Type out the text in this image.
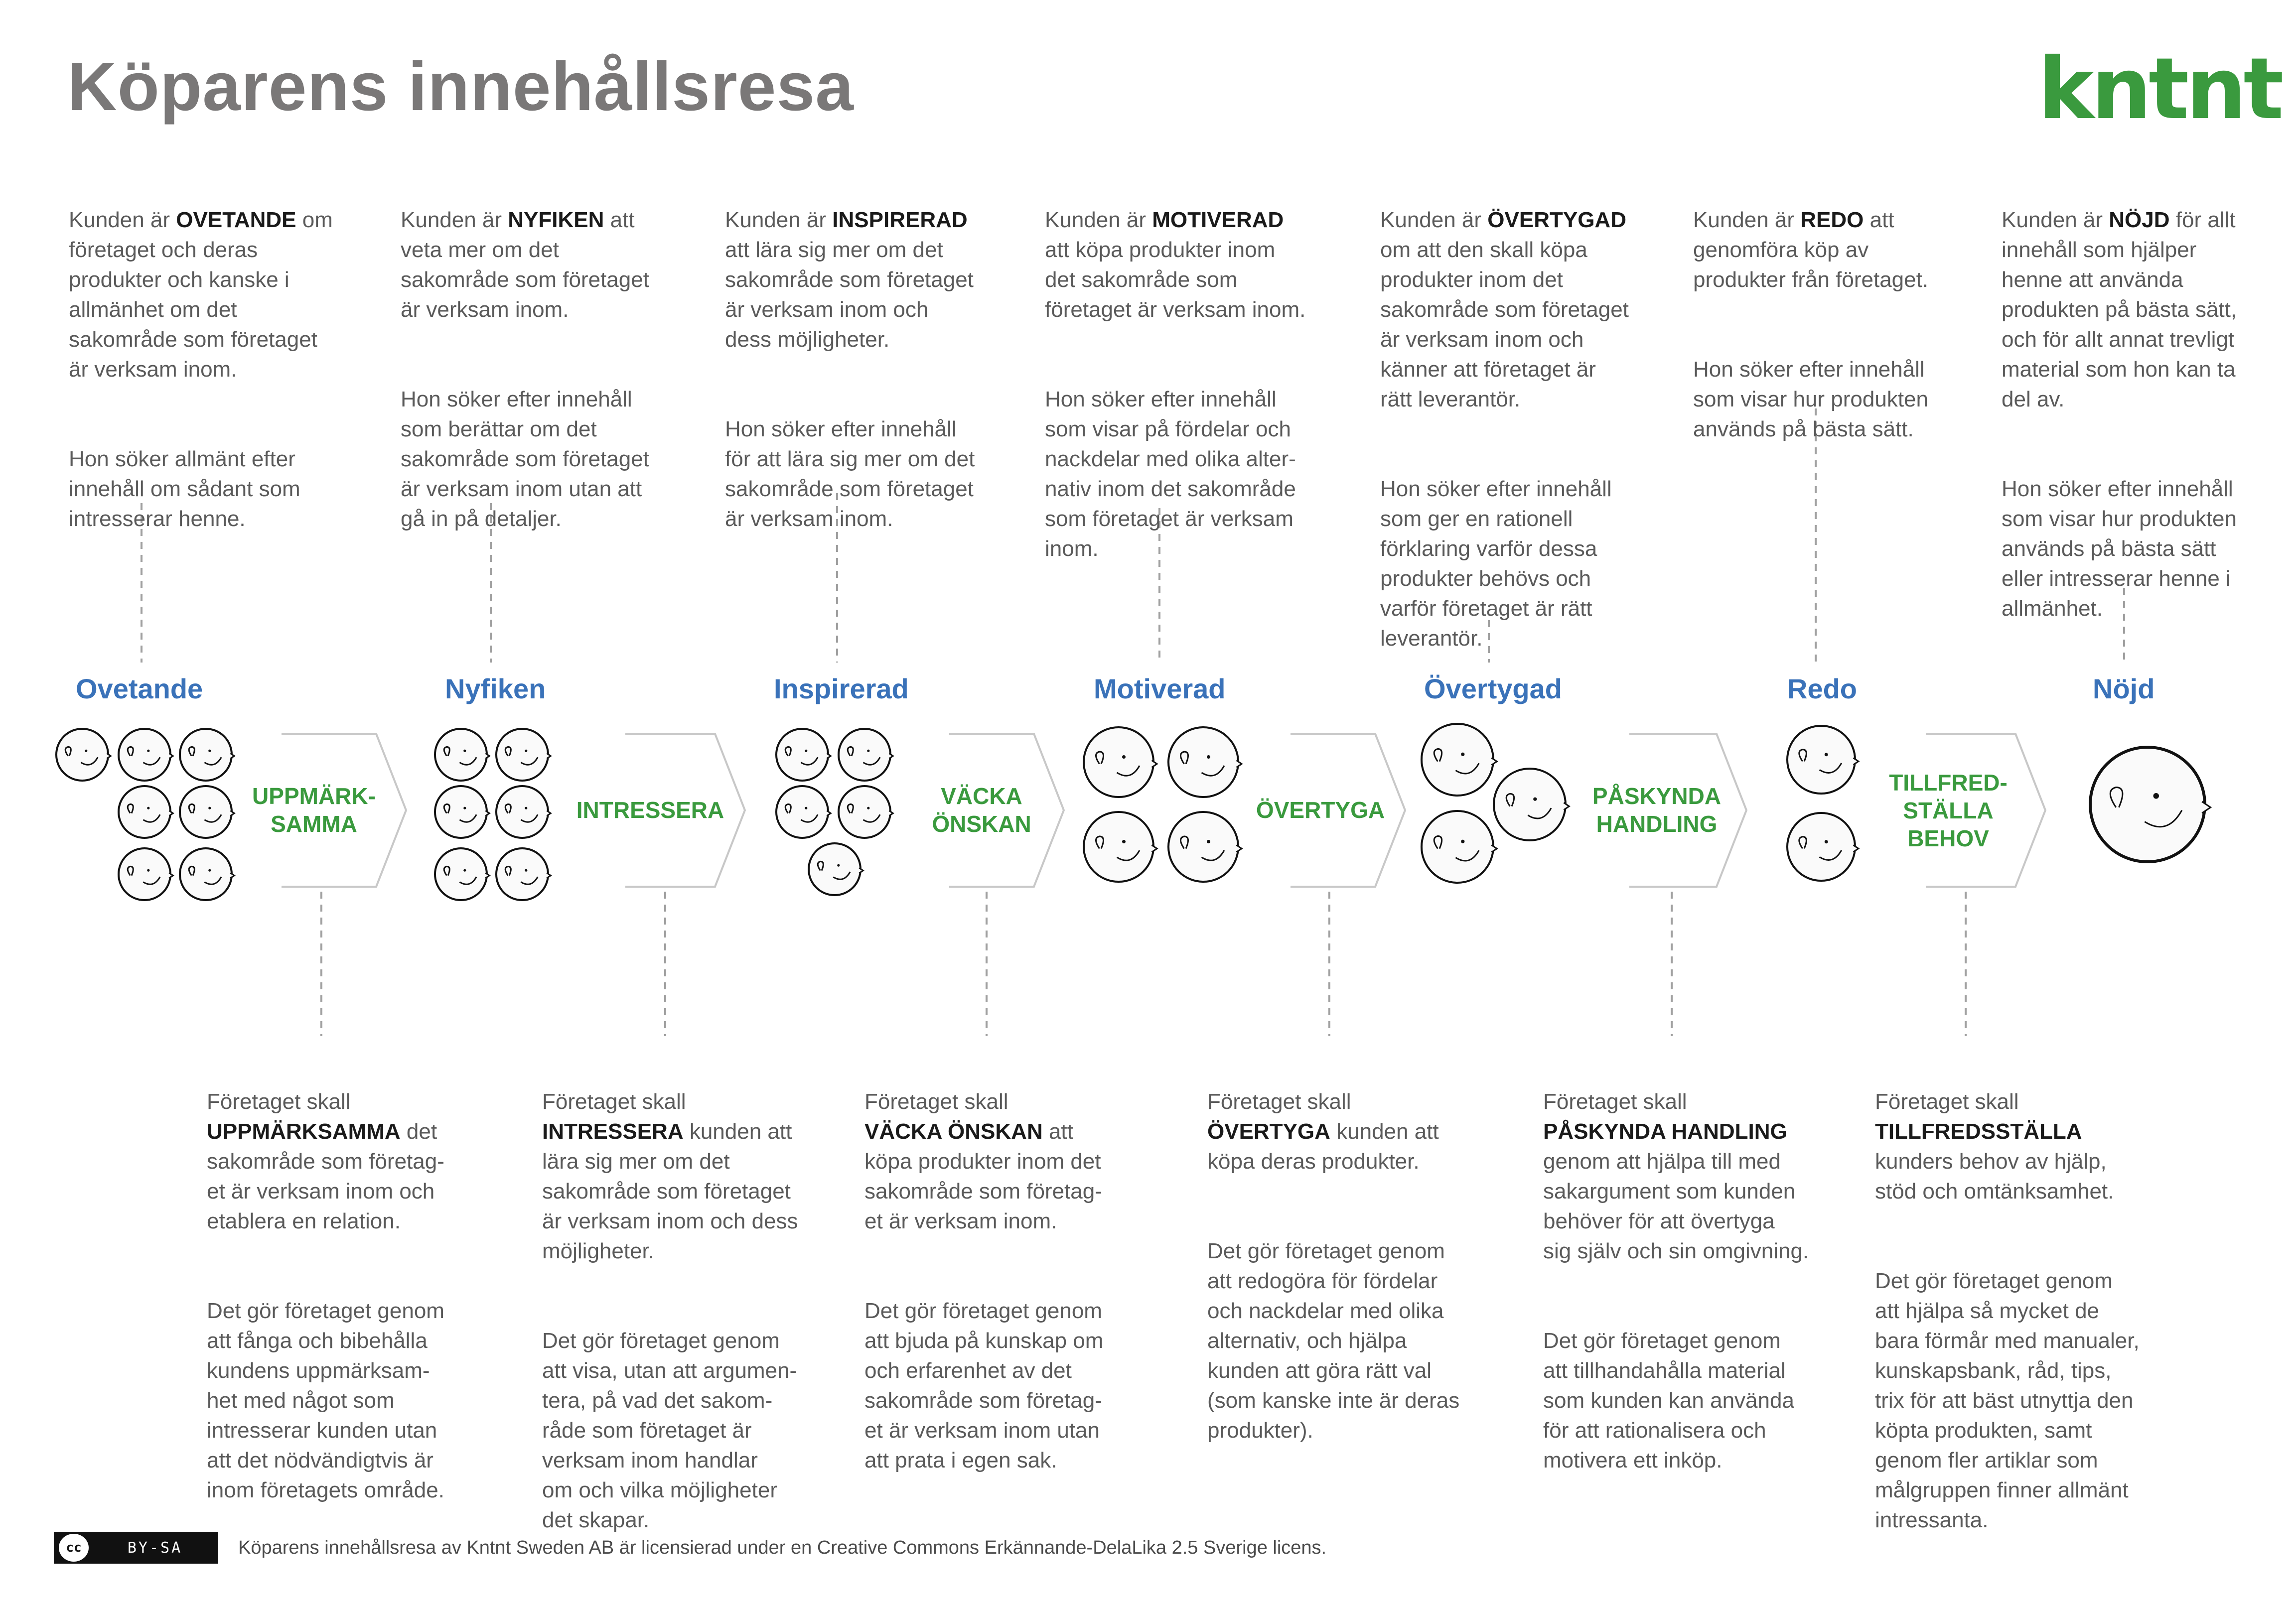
Köparens innehållsresa	kntnt

Kunden är OVETANDE om företaget och deras
produkter och kanske i
allmänhet om det
sakområde som företaget
är verksam inom.

Hon söker allmänt efter
innehåll om sådant som
intresserar henne.

Kunden är NYFIKEN att
veta mer om det
sakområde som företaget
är verksam inom.

Hon söker efter innehåll
som berättar om det
sakområde som företaget
är verksam inom utan att
gå in på detaljer.

Kunden är INSPIRERAD
att lära sig mer om det
sakområde som företaget
är verksam inom och
dess möjligheter.

Hon söker efter innehåll
för att lära sig mer om det
sakområde som företaget
är verksam inom.

Kunden är MOTIVERAD
att köpa produkter inom
det sakområde som
företaget är verksam inom.

Hon söker efter innehåll
som visar på fördelar och
nackdelar med olika alter-
nativ inom det sakområde
som företaget är verksam
inom.

Kunden är ÖVERTYGAD
om att den skall köpa
produkter inom det
sakområde som företaget
är verksam inom och
känner att företaget är
rätt leverantör.

Hon söker efter innehåll
som ger en rationell
förklaring varför dessa
produkter behövs och
varför företaget är rätt
leverantör.

Kunden är REDO att
genomföra köp av
produkter från företaget.

Hon söker efter innehåll
som visar hur produkten
används på bästa sätt.

Kunden är NÖJD för allt
innehåll som hjälper
henne att använda
produkten på bästa sätt,
och för allt annat trevligt
material som hon kan ta
del av.

Hon söker efter innehåll
som visar hur produkten
används på bästa sätt
eller intresserar henne i
allmänhet.

Ovetande	Nyfiken	Inspirerad	Motiverad	Övertygad	Redo	Nöjd
UPPMÄRK-
SAMMA
INTRESSERA
VÄCKA
ÖNSKAN
ÖVERTYGA
PÅSKYNDA
HANDLING
TILLFRED-
STÄLLA
BEHOV

Företaget skall
UPPMÄRKSAMMA det
sakområde som företag-
et är verksam inom och
etablera en relation.

Det gör företaget genom
att fånga och bibehålla
kundens uppmärksam-
het med något som
intresserar kunden utan
att det nödvändigtvis är
inom företagets område.

Företaget skall
INTRESSERA kunden att
lära sig mer om det
sakområde som företaget
är verksam inom och dess
möjligheter.

Det gör företaget genom
att visa, utan att argumen-
tera, på vad det sakom-
råde som företaget är
verksam inom handlar
om och vilka möjligheter
det skapar.

Företaget skall
VÄCKA ÖNSKAN att
köpa produkter inom det
sakområde som företag-
et är verksam inom.

Det gör företaget genom
att bjuda på kunskap om
och erfarenhet av det
sakområde som företag-
et är verksam inom utan
att prata i egen sak.

Företaget skall
ÖVERTYGA kunden att
köpa deras produkter.

Det gör företaget genom
att redogöra för fördelar
och nackdelar med olika
alternativ, och hjälpa
kunden att göra rätt val
(som kanske inte är deras
produkter).

Företaget skall
PÅSKYNDA HANDLING
genom att hjälpa till med
sakargument som kunden
behöver för att övertyga
sig själv och sin omgivning.

Det gör företaget genom
att tillhandahålla material
som kunden kan använda
för att rationalisera och
motivera ett inköp.

Företaget skall
TILLFREDSSTÄLLA
kunders behov av hjälp,
stöd och omtänksamhet.

Det gör företaget genom
att hjälpa så mycket de
bara förmår med manualer,
kunskapsbank, råd, tips,
trix för att bäst utnyttja den
köpta produkten, samt
genom fler artiklar som
målgruppen finner allmänt
intressanta.

cc	BY-SA	Köparens innehållsresa av Kntnt Sweden AB är licensierad under en Creative Commons Erkännande-DelaLika 2.5 Sverige licens.
